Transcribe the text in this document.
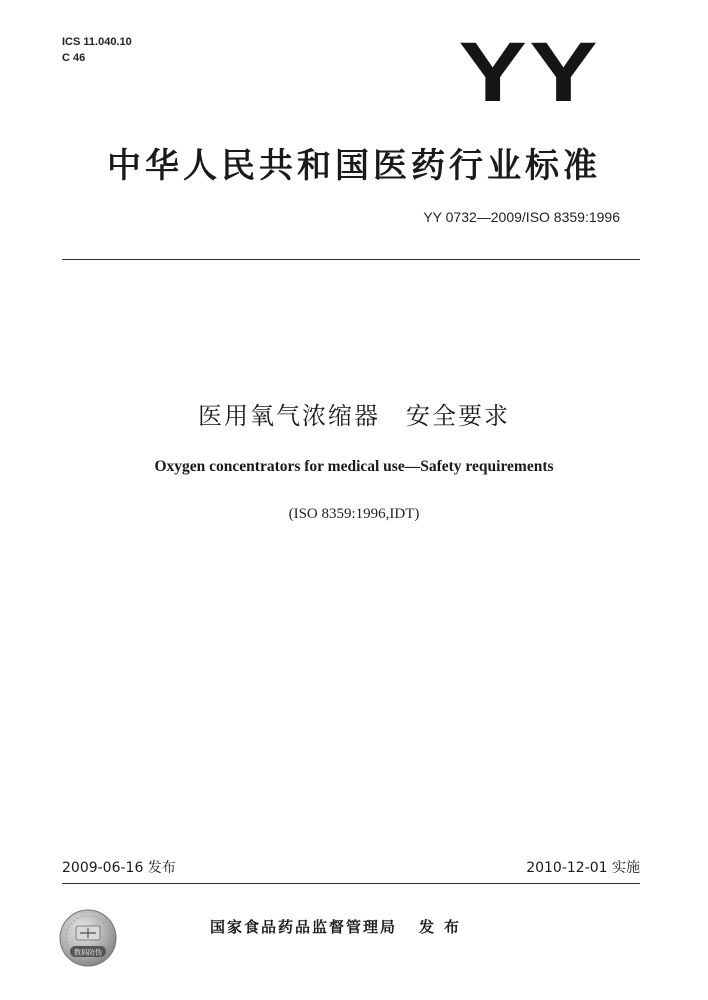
ICS 11.040.10
C 46	YY
中华人民共和国医药行业标准
YY 0732—2009/ISO 8359:1996
医用氧气浓缩器　安全要求
Oxygen concentrators for medical use—Safety requirements
(ISO 8359:1996,IDT)
2009-06-16 发布	2010-12-01 实施
数码防伪
国家食品药品监督管理局 发布
